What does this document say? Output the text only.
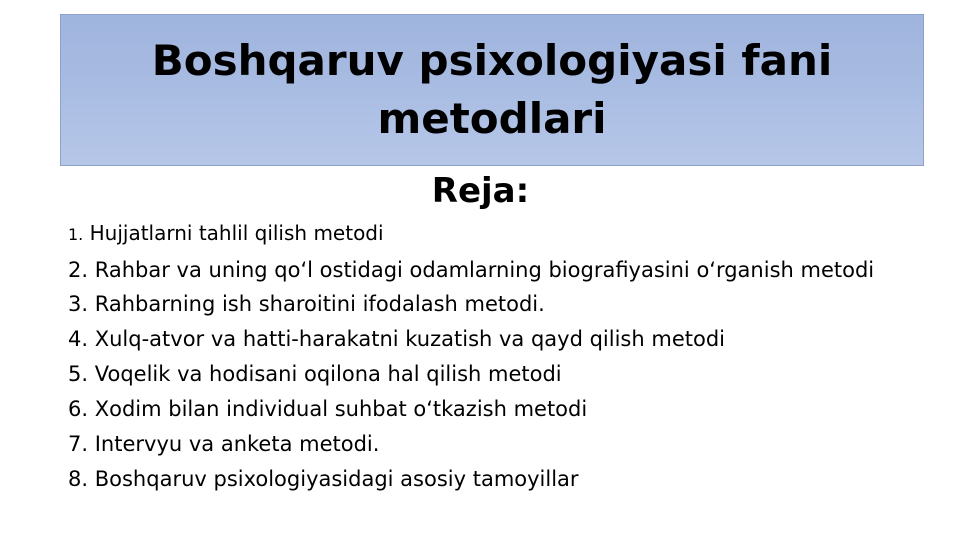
Boshqaruv psixologiyasi fani metodlari
Reja:
1. Hujjatlarni tahlil qilish metodi
2. Rahbar va uning qo‘l ostidagi odamlarning biografiyasini o‘rganish metodi
3. Rahbarning ish sharoitini ifodalash metodi.
4. Xulq-atvor va hatti-harakatni kuzatish va qayd qilish metodi
5. Voqelik va hodisani oqilona hal qilish metodi
6. Xodim bilan individual suhbat o‘tkazish metodi
7. Intervyu va anketa metodi.
8. Boshqaruv psixologiyasidagi asosiy tamoyillar
